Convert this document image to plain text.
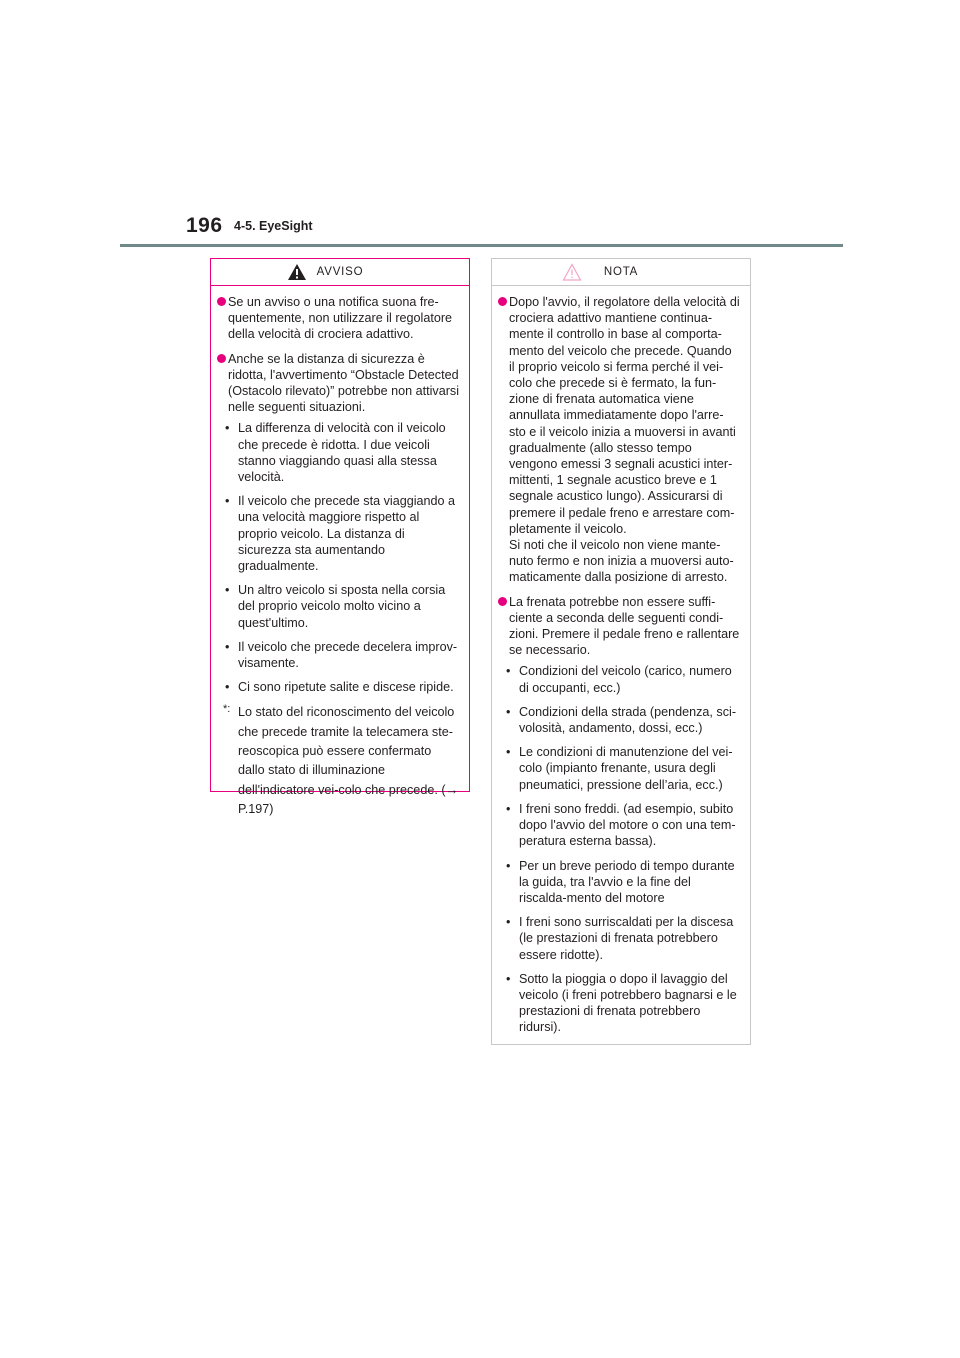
196 4-5. EyeSight
AVVISO
Se un avviso o una notifica suona fre-quentemente, non utilizzare il regolatore della velocità di crociera adattivo.
Anche se la distanza di sicurezza è ridotta, l'avvertimento “Obstacle Detected (Ostacolo rilevato)” potrebbe non attivarsi nelle seguenti situazioni.
• La differenza di velocità con il veicolo che precede è ridotta. I due veicoli stanno viaggiando quasi alla stessa velocità.
• Il veicolo che precede sta viaggiando a una velocità maggiore rispetto al proprio veicolo. La distanza di sicurezza sta aumentando gradualmente.
• Un altro veicolo si sposta nella corsia del proprio veicolo molto vicino a quest'ultimo.
• Il veicolo che precede decelera improv-visamente.
• Ci sono ripetute salite e discese ripide.
*: Lo stato del riconoscimento del veicolo che precede tramite la telecamera ste-reoscopica può essere confermato dallo stato di illuminazione dell'indicatore vei-colo che precede. (→P.197)
NOTA
Dopo l'avvio, il regolatore della velocità di crociera adattivo mantiene continua-mente il controllo in base al comporta-mento del veicolo che precede. Quando il proprio veicolo si ferma perché il vei-colo che precede si è fermato, la fun-zione di frenata automatica viene annullata immediatamente dopo l'arre-sto e il veicolo inizia a muoversi in avanti gradualmente (allo stesso tempo vengono emessi 3 segnali acustici inter-mittenti, 1 segnale acustico breve e 1 segnale acustico lungo). Assicurarsi di premere il pedale freno e arrestare com-pletamente il veicolo.
Si noti che il veicolo non viene mante-nuto fermo e non inizia a muoversi auto-maticamente dalla posizione di arresto.
La frenata potrebbe non essere suffi-ciente a seconda delle seguenti condi-zioni. Premere il pedale freno e rallentare se necessario.
• Condizioni del veicolo (carico, numero di occupanti, ecc.)
• Condizioni della strada (pendenza, sci-volosità, andamento, dossi, ecc.)
• Le condizioni di manutenzione del vei-colo (impianto frenante, usura degli pneumatici, pressione dell’aria, ecc.)
• I freni sono freddi. (ad esempio, subito dopo l'avvio del motore o con una tem-peratura esterna bassa).
• Per un breve periodo di tempo durante la guida, tra l'avvio e la fine del riscalda-mento del motore
• I freni sono surriscaldati per la discesa (le prestazioni di frenata potrebbero essere ridotte).
• Sotto la pioggia o dopo il lavaggio del veicolo (i freni potrebbero bagnarsi e le prestazioni di frenata potrebbero ridursi).
